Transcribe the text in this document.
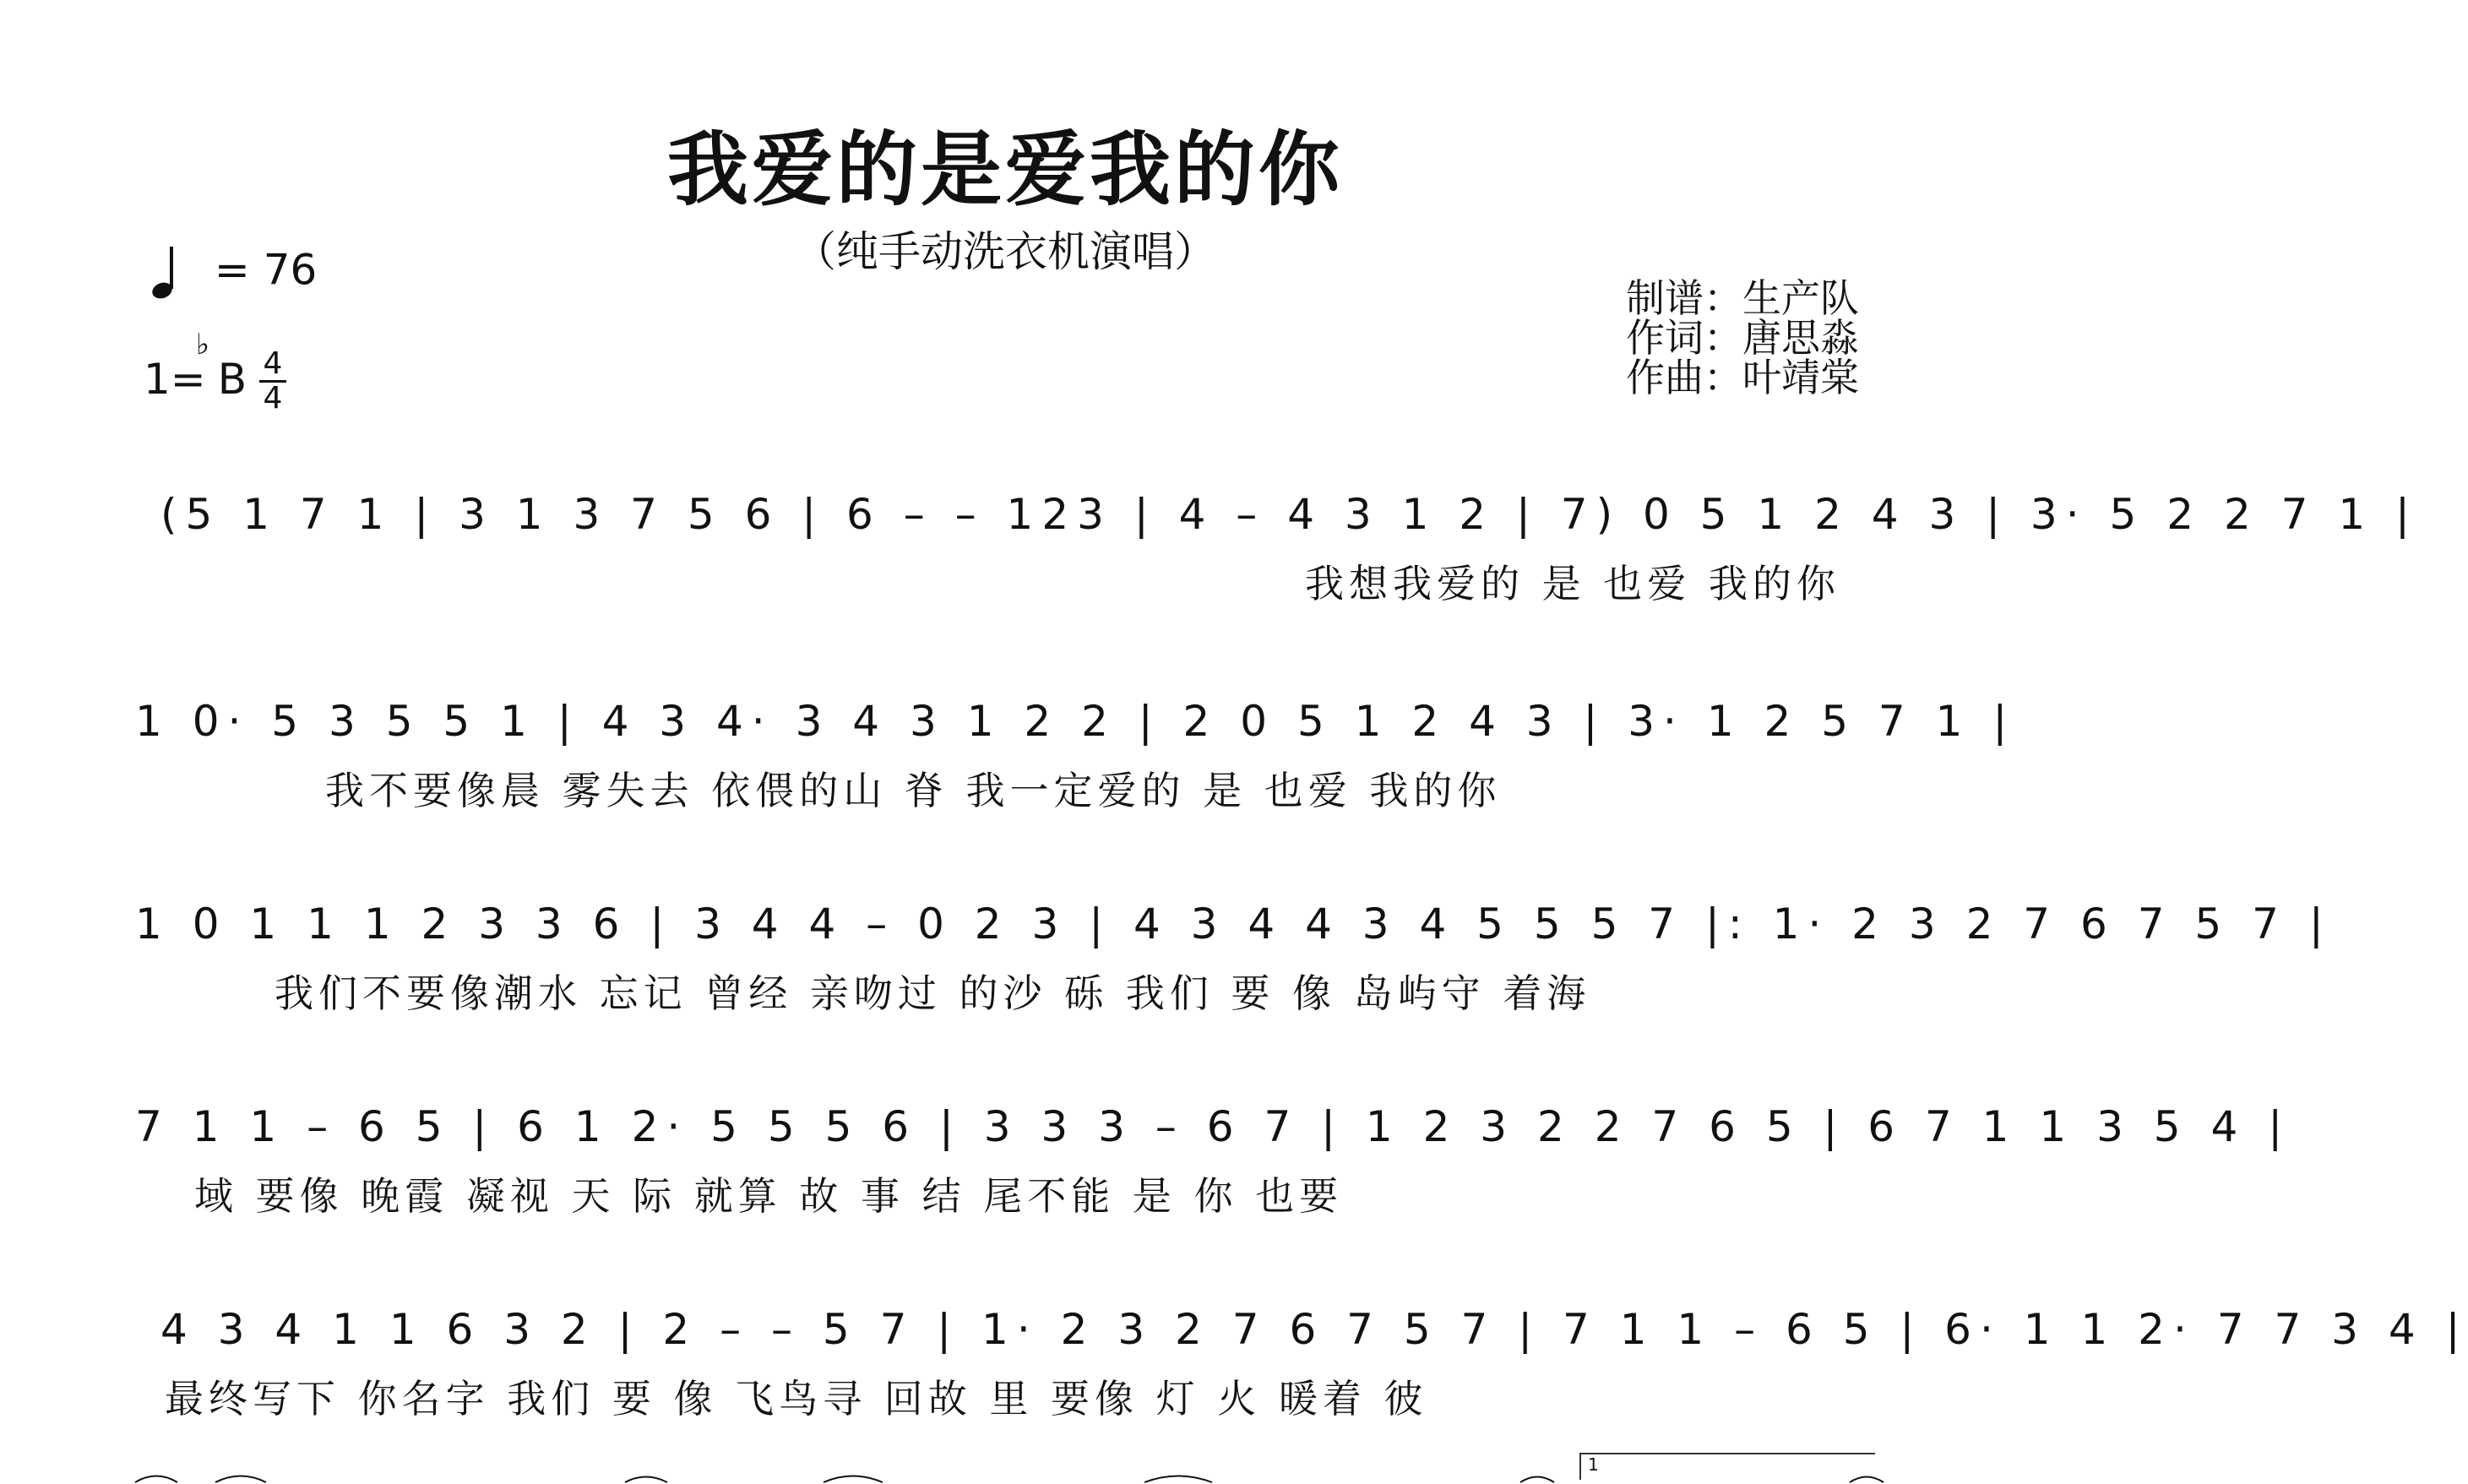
我爱的是爱我的你
（纯手动洗衣机演唱）
= 76
1=
♭
B 4
4
制谱：生产队
作词：唐思淼
作曲：叶靖棠
(5 1 7 1 | 3 1 3 7 5 6 | 6 – – 123 | 4 – 4 3 1 2 | 7) 0 5 1 2 4 3 | 3· 5 2 2 7 1 |
我想我爱的 是 也爱 我的你
1 0· 5 3 5 5 1 | 4 3 4· 3 4 3 1 2 2 | 2 0 5 1 2 4 3 | 3· 1 2 5 7 1 |
我不要像晨 雾失去 依偎的山 脊 我一定爱的 是 也爱 我的你
1 0 1 1 1 2 3 3 6 | 3 4 4 – 0 2 3 | 4 3 4 4 3 4 5 5 5 7 |: 1· 2 3 2 7 6 7 5 7 |
我们不要像潮水 忘记 曾经 亲吻过 的沙 砾 我们 要 像 岛屿守 着海
7 1 1 – 6 5 | 6 1 2· 5 5 5 6 | 3 3 3 – 6 7 | 1 2 3 2 2 7 6 5 | 6 7 1 1 3 5 4 |
域 要像 晚霞 凝视 天 际 就算 故 事 结 尾不能 是 你 也要
4 3 4 1 1 6 3 2 | 2 – – 5 7 | 1· 2 3 2 7 6 7 5 7 | 7 1 1 – 6 5 | 6· 1 1 2· 7 7 3 4 |
最终写下 你名字 我们 要 像 飞鸟寻 回故 里 要像 灯 火 暖着 彼
1
